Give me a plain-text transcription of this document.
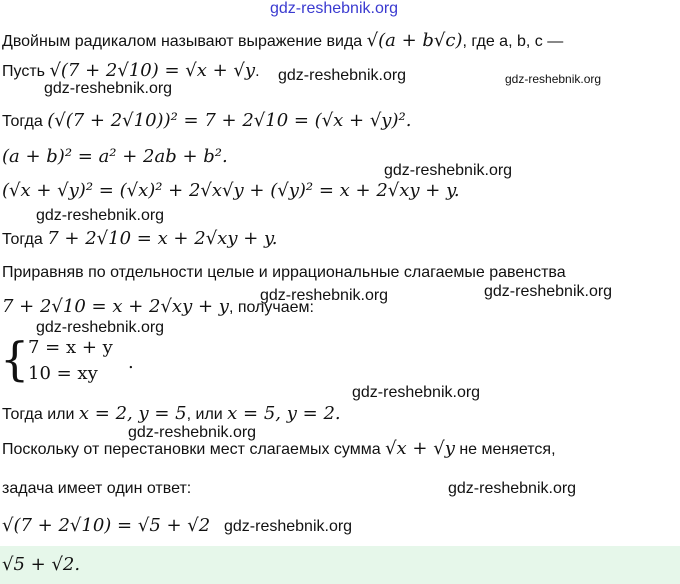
gdz-reshebnik.org
Двойным радикалом называют выражение вида √(a + b√c), где a, b, c —
Пусть √(7 + 2√10) = √x + √y. gdz-reshebnik.org	gdz-reshebnik.org
gdz-reshebnik.org
Тогда (√(7 + 2√10))² = 7 + 2√10 = (√x + √y)².
(a + b)² = a² + 2ab + b².
gdz-reshebnik.org
(√x + √y)² = (√x)² + 2√x√y + (√y)² = x + 2√xy + y.
gdz-reshebnik.org
Тогда 7 + 2√10 = x + 2√xy + y.
Приравняв по отдельности целые и иррациональные слагаемые равенства
gdz-reshebnik.org	gdz-reshebnik.org
7 + 2√10 = x + 2√xy + y, получаем:
gdz-reshebnik.org
{
7 = x + y
10 = xy
.
gdz-reshebnik.org
Тогда или x = 2, y = 5, или x = 5, y = 2.
gdz-reshebnik.org
Поскольку от перестановки мест слагаемых сумма √x + √y не меняется,
задача имеет один ответ:	gdz-reshebnik.org
√(7 + 2√10) = √5 + √2 gdz-reshebnik.org
√5 + √2.
